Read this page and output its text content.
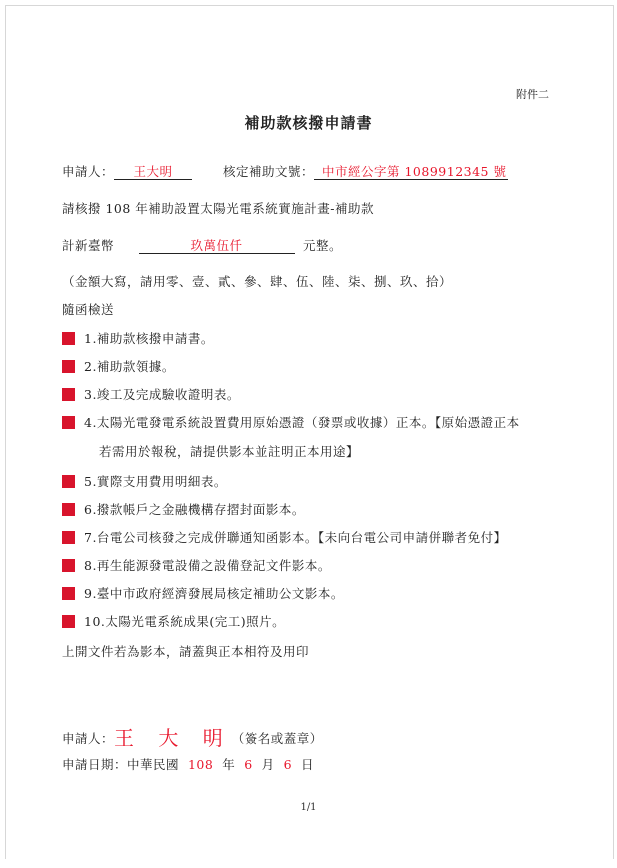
附件二
補助款核撥申請書
申請人： 王大明	核定補助文號： 中市經公字第 1089912345 號
請核撥 108 年補助設置太陽光電系統實施計畫-補助款
計新臺幣	玖萬伍仟	元整。
（金額大寫，請用零、壹、貳、參、肆、伍、陸、柒、捌、玖、拾）
隨函檢送
1.補助款核撥申請書。
2.補助款領據。
3.竣工及完成驗收證明表。
4.太陽光電發電系統設置費用原始憑證（發票或收據）正本。【原始憑證正本
若需用於報稅，請提供影本並註明正本用途】
5.實際支用費用明細表。
6.撥款帳戶之金融機構存摺封面影本。
7.台電公司核發之完成併聯通知函影本。【未向台電公司申請併聯者免付】
8.再生能源發電設備之設備登記文件影本。
9.臺中市政府經濟發展局核定補助公文影本。
10.太陽光電系統成果(完工)照片。
上開文件若為影本，請蓋與正本相符及用印
申請人：王 大 明（簽名或蓋章）
申請日期：中華民國 108 年 6 月 6 日
1/1
